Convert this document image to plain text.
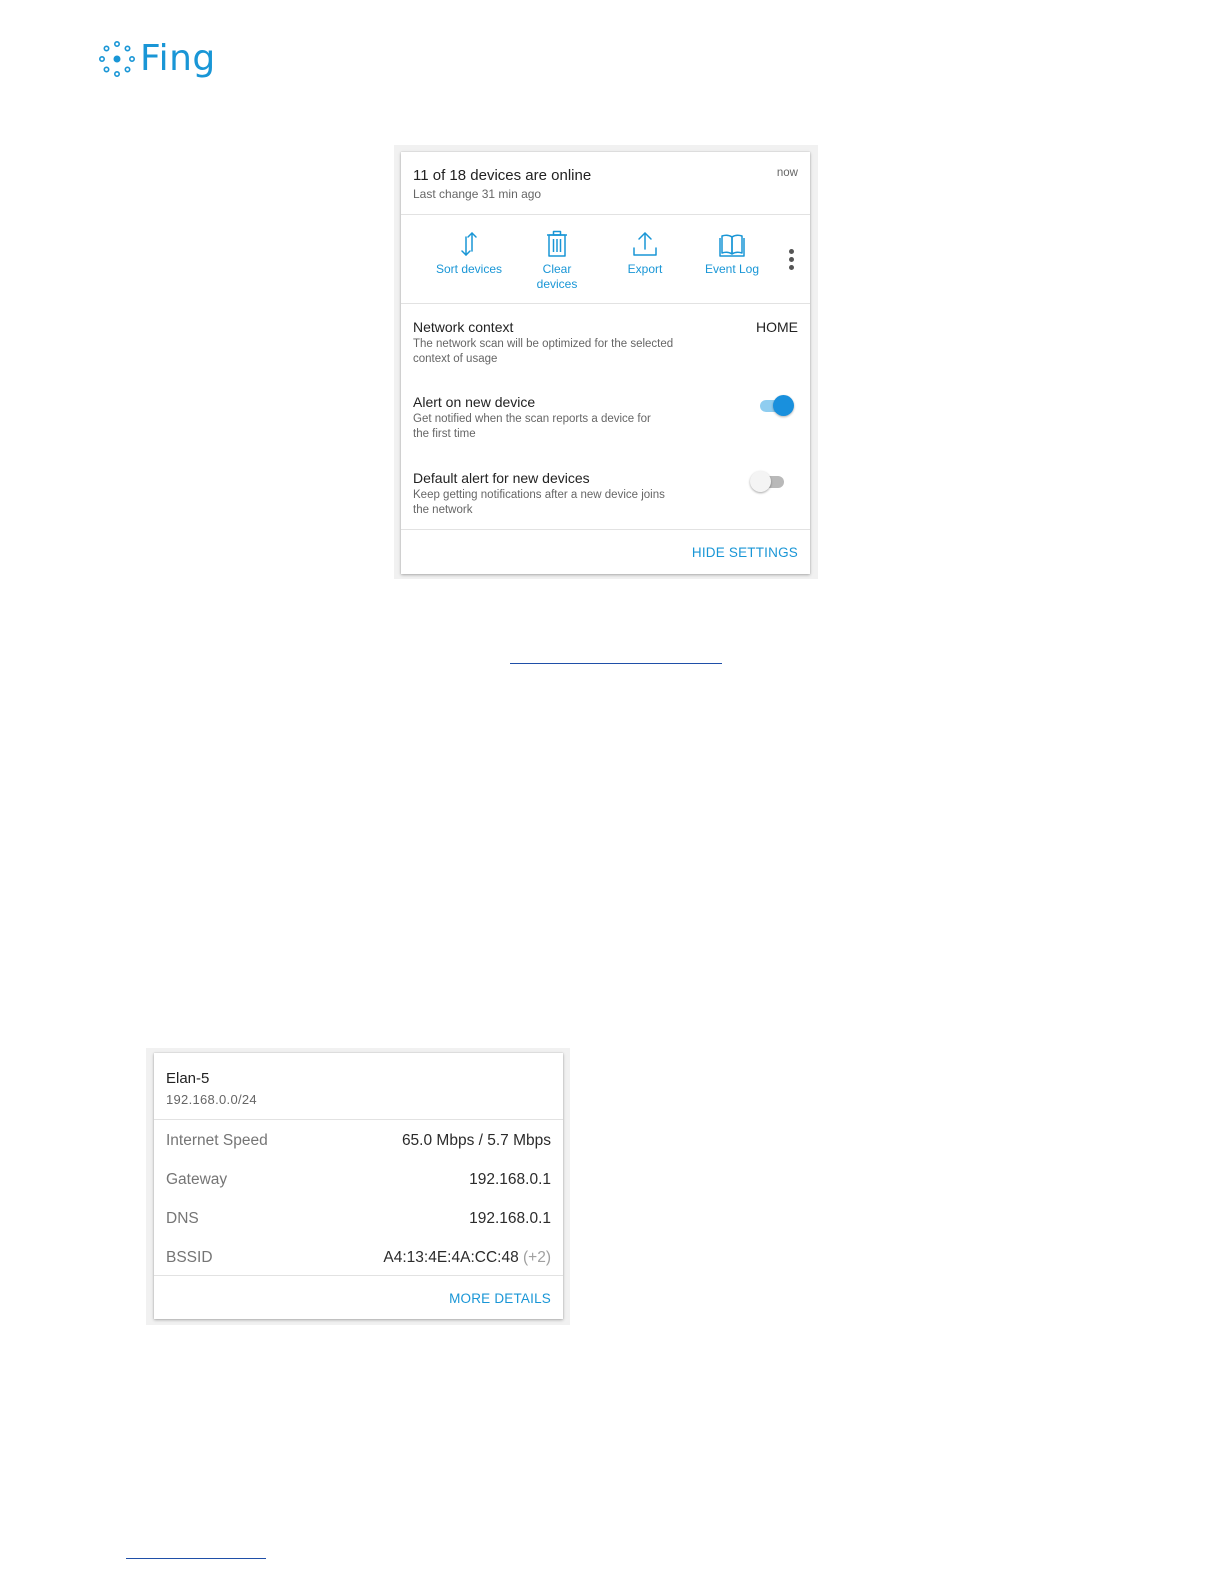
Fing
11 of 18 devices are online
Last change 31 min ago
now
Sort devices	Clear devices
Export	Event Log
Network context
The network scan will be optimized for the selected context of usage
HOME
Alert on new device
Get notified when the scan reports a device for the first time
Default alert for new devices
Keep getting notifications after a new device joins the network
HIDE SETTINGS
Elan-5
192.168.0.0/24
Internet Speed	65.0 Mbps / 5.7 Mbps
Gateway	192.168.0.1
DNS	192.168.0.1
BSSID	A4:13:4E:4A:CC:48 (+2)
MORE DETAILS
